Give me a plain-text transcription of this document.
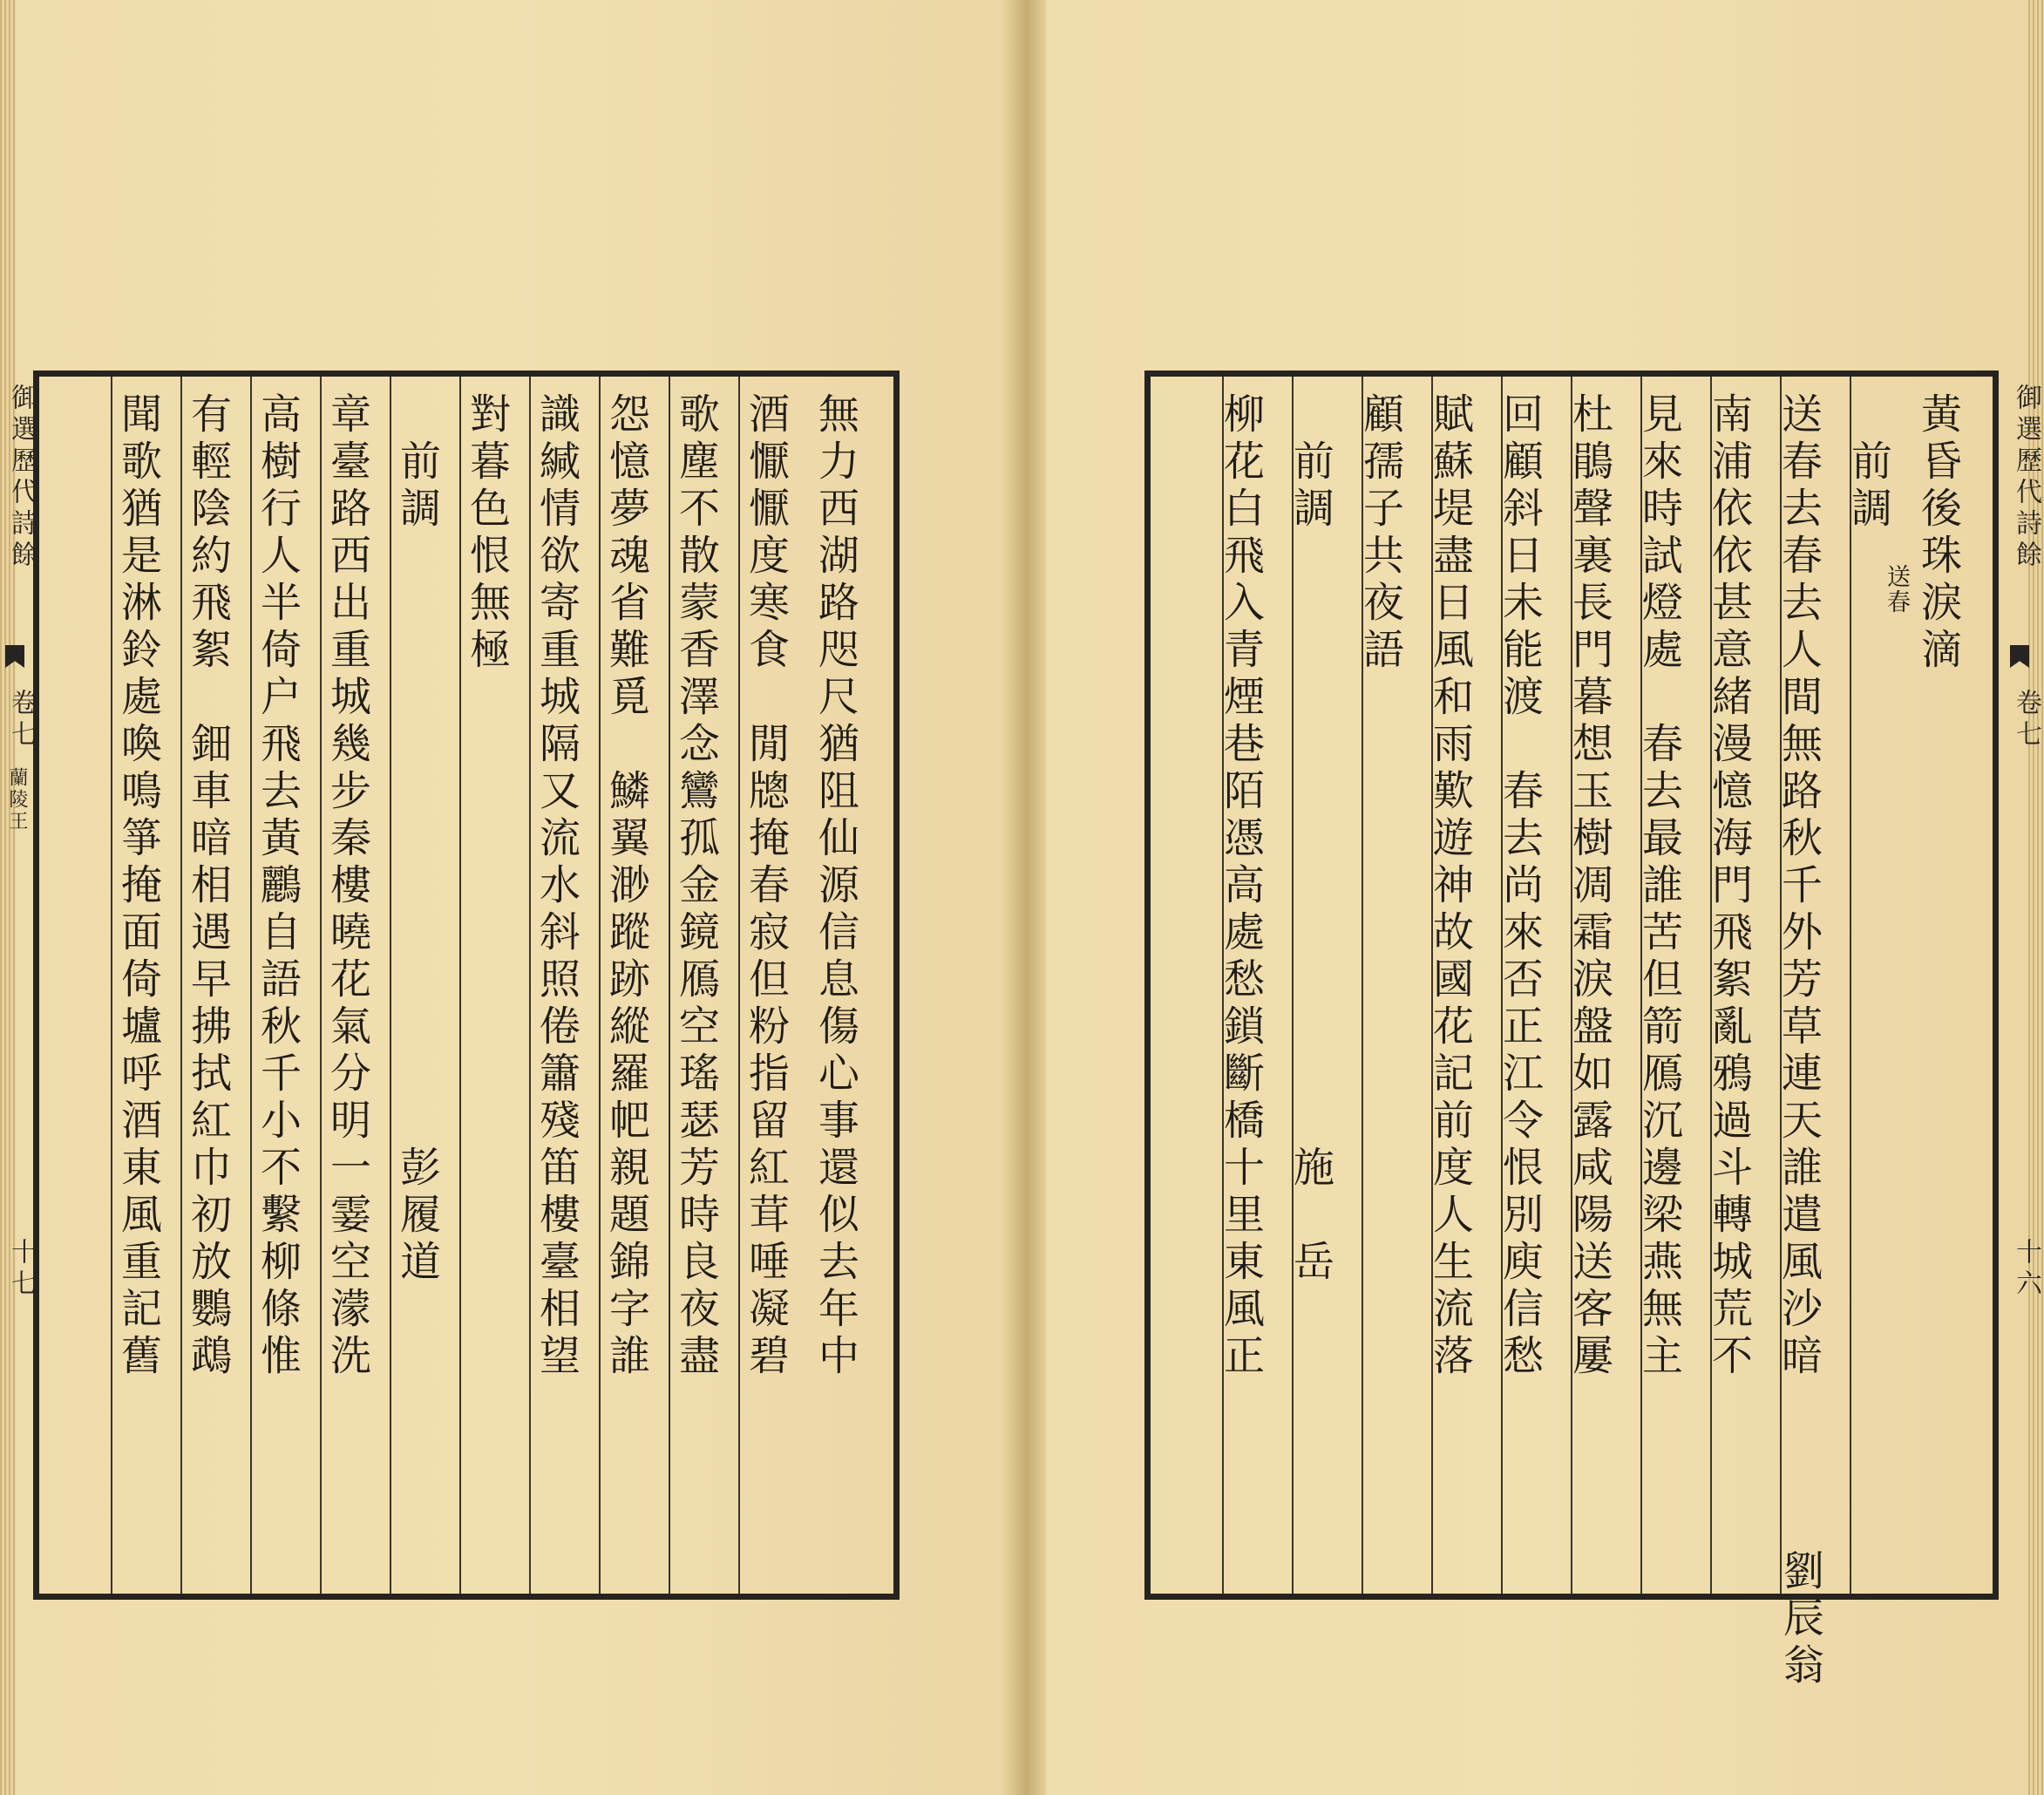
御選歷代詩餘
卷七
蘭陵王
十七
御選歷代詩餘
卷七
十六
無力西湖路咫尺猶阻仙源信息傷心事還似去年中
酒懨懨度寒食　閒牕掩春寂但粉指留紅茸唾凝碧
歌塵不散蒙香澤念鸞孤金鏡鴈空瑤瑟芳時良夜盡
怨憶夢魂省難覓　鱗翼渺蹤跡縱羅帊親題錦字誰
識緘情欲寄重城隔又流水斜照倦簫殘笛樓臺相望
對暮色恨無極
　前調　　　　　　　　　　　　　彭履道
章臺路西出重城幾步秦樓曉花氣分明一霎空濛洗
高樹行人半倚户飛去黃鸝自語秋千小不繫柳條惟
有輕陰約飛絮　鈿車暗相遇早拂拭紅巾初放鸚鵡
聞歌猶是淋鈴處喚鳴箏掩面倚壚呼酒東風重記舊	黃昏後珠淚滴
　前調
送春
劉辰翁
送春去春去人間無路秋千外芳草連天誰遣風沙暗
南浦依依甚意緒漫憶海門飛絮亂鴉過斗轉城荒不
見來時試燈處　春去最誰苦但箭鴈沉邊梁燕無主
杜鵑聲裏長門暮想玉樹凋霜淚盤如露咸陽送客屢
回顧斜日未能渡　春去尚來否正江令恨別庾信愁
賦蘇堤盡日風和雨歎遊神故國花記前度人生流落
顧孺子共夜語
　前調　　　　　　　　　　　　　施　岳
柳花白飛入青煙巷陌憑高處愁鎖斷橋十里東風正
